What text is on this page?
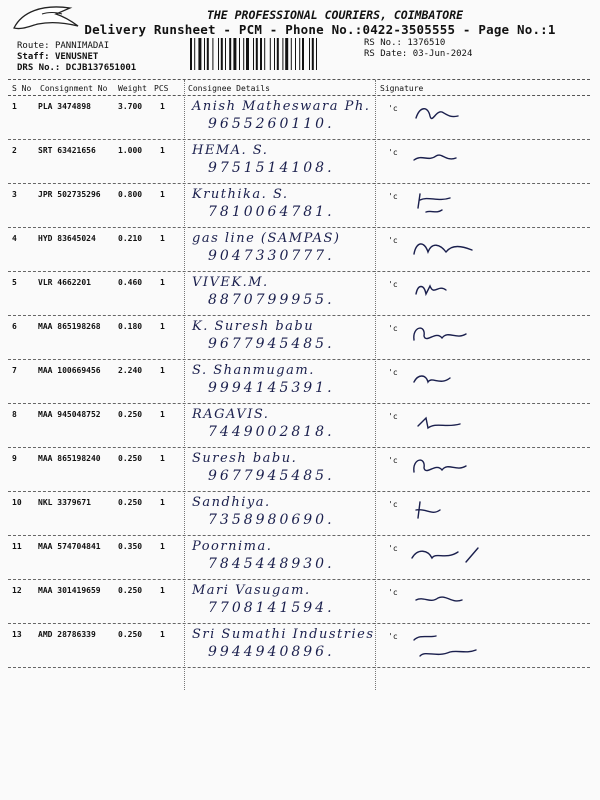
THE PROFESSIONAL COURIERS, COIMBATORE
Delivery Runsheet - PCM - Phone No.:0422-3505555 - Page No.:1
Route: PANNIMADAI
Staff: VENUSNET
DRS No.: DCJB137651001
RS No.: 1376510
RS Date: 03-Jun-2024
S No Consignment No Weight PCS Consignee Details	Signature
1	PLA 3474898	3.700 1 Anish Matheswara Ph.
9655260110.
'c
2	SRT 63421656	1.000 1 HEMA. S.
9751514108.
'c
3	JPR 502735296 0.800 1 Kruthika. S.
7810064781.
'c
4	HYD 83645024	0.210 1 gas line (SAMPAS)
9047330777.
'c
5	VLR 4662201	0.460 1 VIVEK.M.
8870799955.
'c
6	MAA 865198268 0.180 1 K. Suresh babu
9677945485.
'c
7	MAA 100669456 2.240 1 S. Shanmugam.
9994145391.
'c
8	MAA 945048752 0.250 1 RAGAVIS.
7449002818.
'c
9	MAA 865198240 0.250 1 Suresh babu.
9677945485.
'c
10 NKL 3379671	0.250 1 Sandhiya.
7358980690.
'c
11 MAA 574704841 0.350 1 Poornima.
7845448930.
'c
12 MAA 301419659 0.250 1 Mari Vasugam.
7708141594.
'c
13 AMD 28786339	0.250 1 Sri Sumathi Industries
9944940896.
'c
